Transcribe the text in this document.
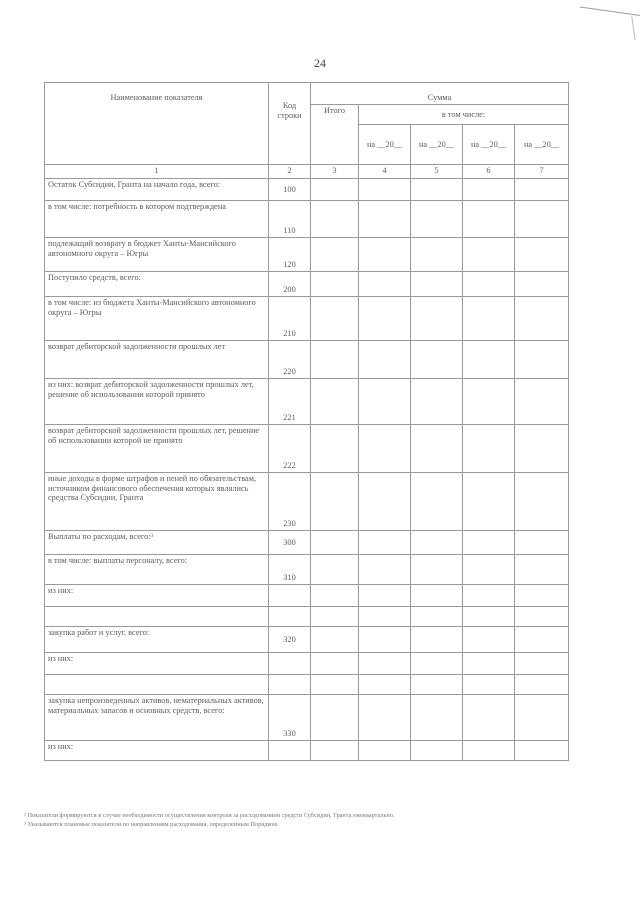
24
Наименование показателя	Код строки	Сумма				
		Итого	в том числе:			
			на __20__	на __20__	на __20__	на __20__
1	2	3	4	5	6	7
Остаток Субсидии, Гранта на начало года, всего:	100					
в том числе: потребность в котором подтверждена	110					
подлежащий возврату в бюджет Ханты-Мансийского автономного округа – Югры	120					
Поступило средств, всего:	200					
в том числе: из бюджета Ханты-Мансийского автономного округа – Югры	210					
возврат дебиторской задолженности прошлых лет	220					
из них: возврат дебиторской задолженности прошлых лет, решение об использовании которой принято	221					
возврат дебиторской задолженности прошлых лет, решение об использовании которой не принято	222					
иные доходы в форме штрафов и пеней по обязательствам, источником финансового обеспечения которых являлись средства Субсидии, Гранта	230					
Выплаты по расходам, всего:³	300					
в том числе: выплаты персоналу, всего:	310					
из них:						

закупка работ и услуг, всего:	320					
из них:						

закупка непроизведенных активов, нематериальных активов, материальных запасов и основных средств, всего:	330					
из них:						

² Показатели формируются в случае необходимости осуществления контроля за расходованием средств Субсидии, Гранта ежеквартально.

³ Указываются плановые показатели по направлениям расходования, определенным Порядком.
